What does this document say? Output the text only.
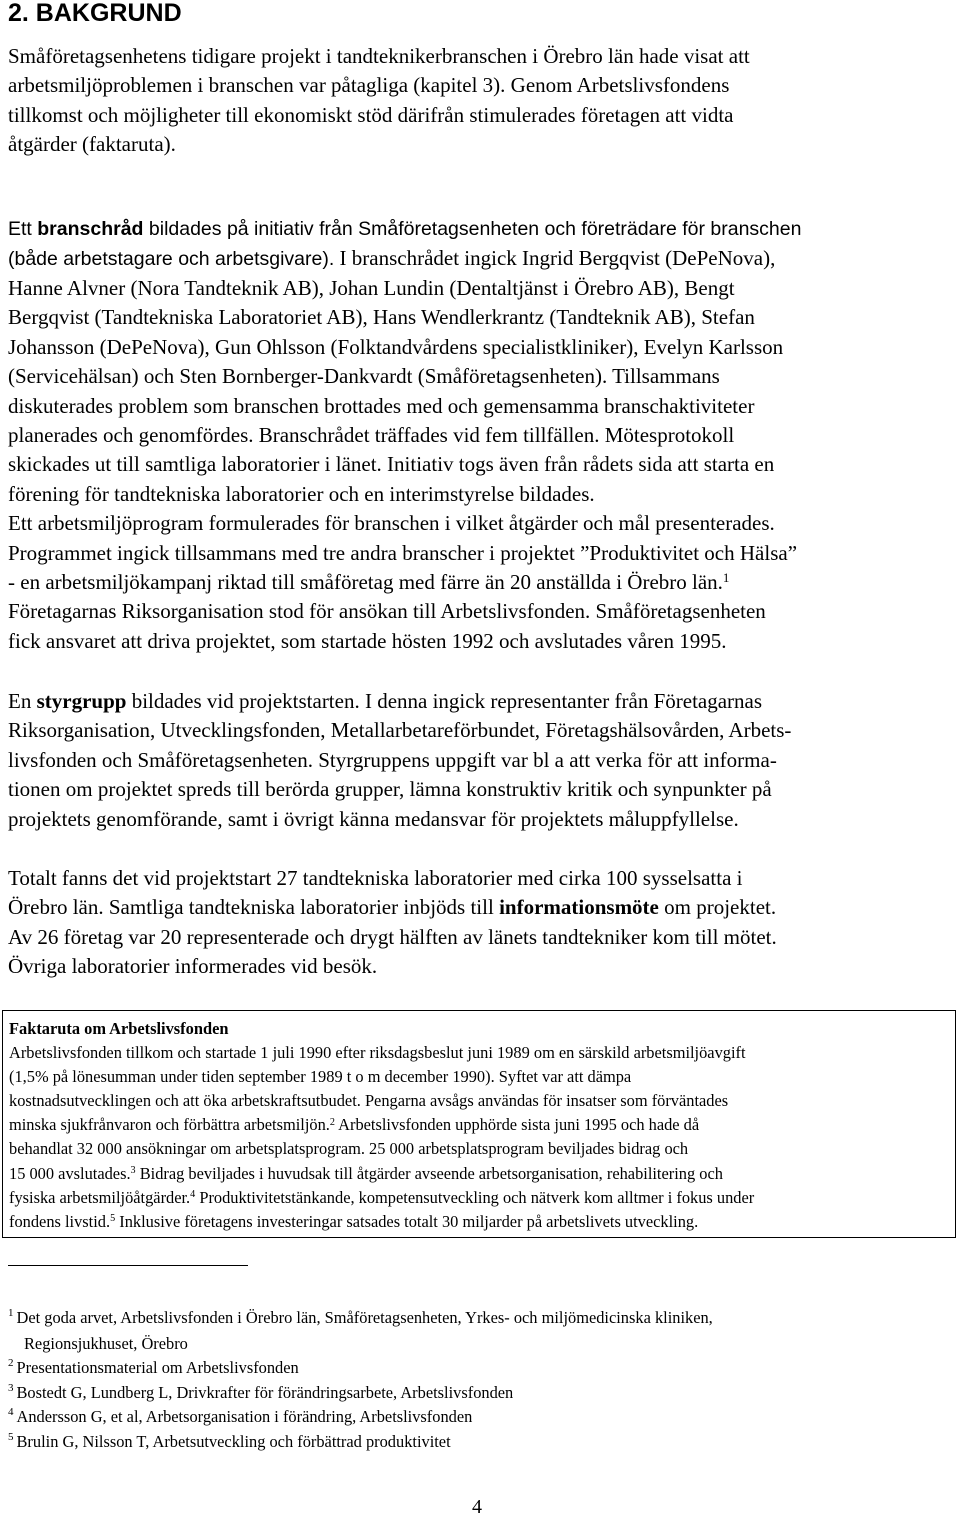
2. BAKGRUND
Småföretagsenhetens tidigare projekt i tandteknikerbranschen i Örebro län hade visat att
arbetsmiljöproblemen i branschen var påtagliga (kapitel 3). Genom Arbetslivsfondens
tillkomst och möjligheter till ekonomiskt stöd därifrån stimulerades företagen att vidta
åtgärder (faktaruta).
Ett branschråd bildades på initiativ från Småföretagsenheten och företrädare för branschen
(både arbetstagare och arbetsgivare). I branschrådet ingick Ingrid Bergqvist (DePeNova),
Hanne Alvner (Nora Tandteknik AB), Johan Lundin (Dentaltjänst i Örebro AB), Bengt
Bergqvist (Tandtekniska Laboratoriet AB), Hans Wendlerkrantz (Tandteknik AB), Stefan
Johansson (DePeNova), Gun Ohlsson (Folktandvårdens specialistkliniker), Evelyn Karlsson
(Servicehälsan) och Sten Bornberger-Dankvardt (Småföretagsenheten). Tillsammans
diskuterades problem som branschen brottades med och gemensamma branschaktiviteter
planerades och genomfördes. Branschrådet träffades vid fem tillfällen. Mötesprotokoll
skickades ut till samtliga laboratorier i länet. Initiativ togs även från rådets sida att starta en
förening för tandtekniska laboratorier och en interimstyrelse bildades.
Ett arbetsmiljöprogram formulerades för branschen i vilket åtgärder och mål presenterades.
Programmet ingick tillsammans med tre andra branscher i projektet ”Produktivitet och Hälsa”
- en arbetsmiljökampanj riktad till småföretag med färre än 20 anställda i Örebro län.$^1$
Företagarnas Riksorganisation stod för ansökan till Arbetslivsfonden. Småföretagsenheten
fick ansvaret att driva projektet, som startade hösten 1992 och avslutades våren 1995.
En styrgrupp bildades vid projektstarten. I denna ingick representanter från Företagarnas
Riksorganisation, Utvecklingsfonden, Metallarbetareförbundet, Företagshälsovården, Arbets-
livsfonden och Småföretagsenheten. Styrgruppens uppgift var bl a att verka för att informa-
tionen om projektet spreds till berörda grupper, lämna konstruktiv kritik och synpunkter på
projektets genomförande, samt i övrigt känna medansvar för projektets måluppfyllelse.
Totalt fanns det vid projektstart 27 tandtekniska laboratorier med cirka 100 sysselsatta i
Örebro län. Samtliga tandtekniska laboratorier inbjöds till informationsmöte om projektet.
Av 26 företag var 20 representerade och drygt hälften av länets tandtekniker kom till mötet.
Övriga laboratorier informerades vid besök.
Faktaruta om Arbetslivsfonden
Arbetslivsfonden tillkom och startade 1 juli 1990 efter riksdagsbeslut juni 1989 om en särskild arbetsmiljöavgift
(1,5% på lönesumman under tiden september 1989 t o m december 1990). Syftet var att dämpa
kostnadsutvecklingen och att öka arbetskraftsutbudet. Pengarna avsågs användas för insatser som förväntades
minska sjukfrånvaron och förbättra arbetsmiljön.$^2$ Arbetslivsfonden upphörde sista juni 1995 och hade då
behandlat 32 000 ansökningar om arbetsplatsprogram. 25 000 arbetsplatsprogram beviljades bidrag och
15 000 avslutades.$^3$ Bidrag beviljades i huvudsak till åtgärder avseende arbetsorganisation, rehabilitering och
fysiska arbetsmiljöåtgärder.$^4$ Produktivitetstänkande, kompetensutveckling och nätverk kom alltmer i fokus under
fondens livstid.$^5$ Inklusive företagens investeringar satsades totalt 30 miljarder på arbetslivets utveckling.
$^1$ Det goda arvet, Arbetslivsfonden i Örebro län, Småföretagsenheten, Yrkes- och miljömedicinska kliniken,
Regionsjukhuset, Örebro
$^2$ Presentationsmaterial om Arbetslivsfonden
$^3$ Bostedt G, Lundberg L, Drivkrafter för förändringsarbete, Arbetslivsfonden
$^4$ Andersson G, et al, Arbetsorganisation i förändring, Arbetslivsfonden
$^5$ Brulin G, Nilsson T, Arbetsutveckling och förbättrad produktivitet
4
